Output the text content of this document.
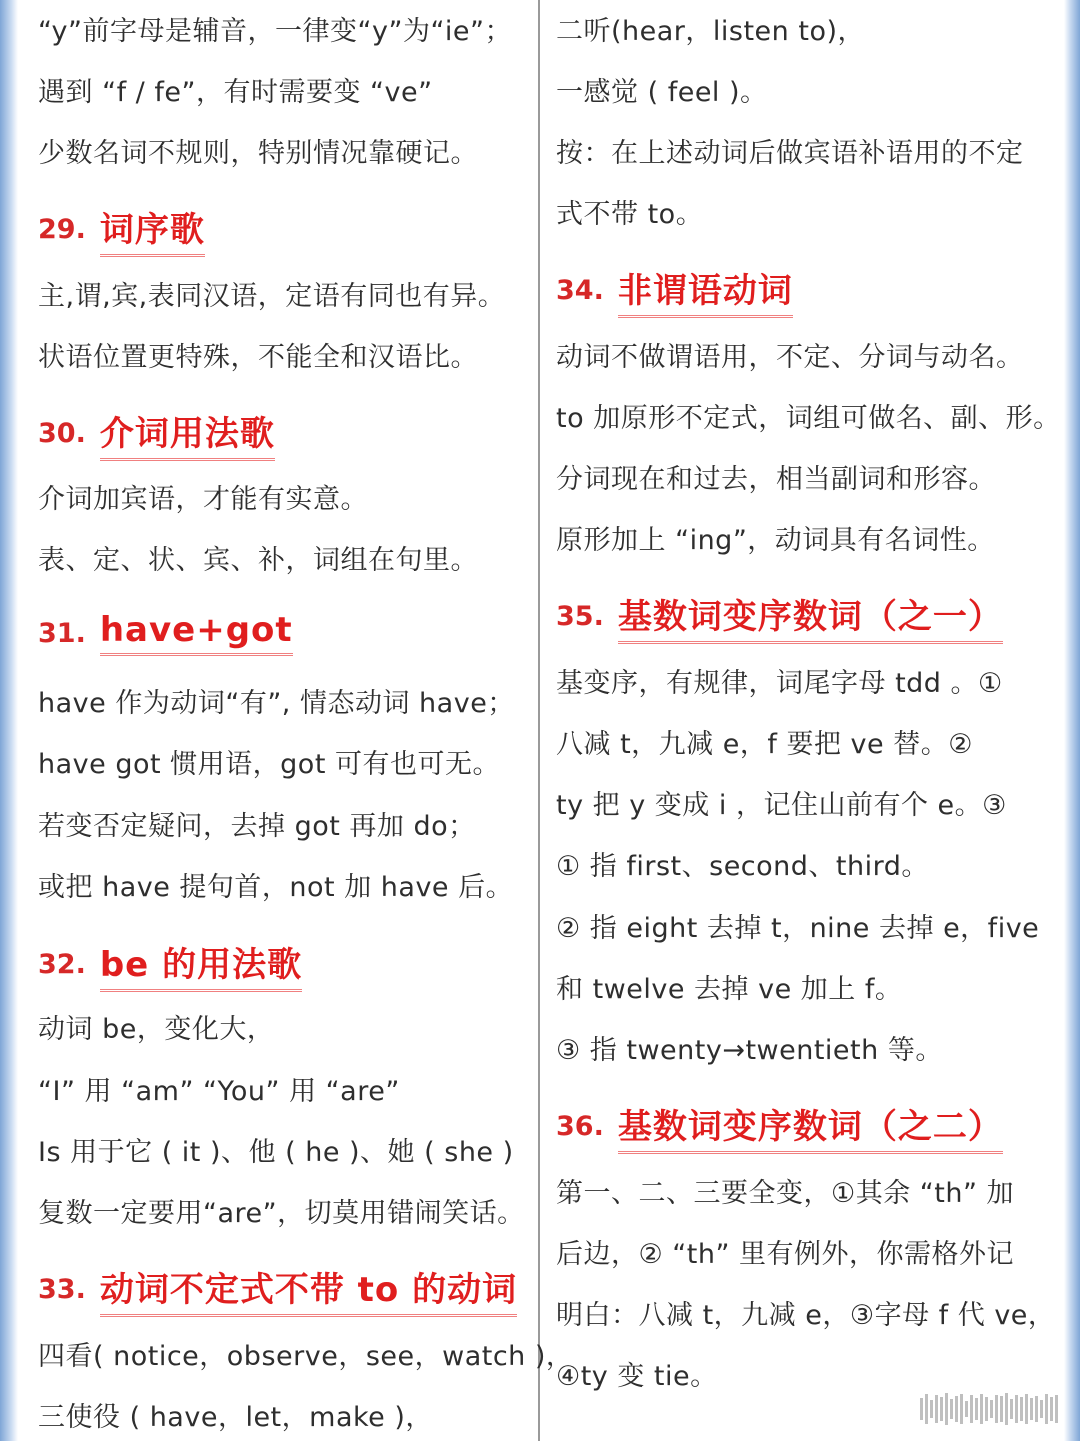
“y”前字母是辅音，一律变“y”为“ie”；
遇到 “f / fe”，有时需要变 “ve”
少数名词不规则，特别情况靠硬记。
29. 词序歌
主,谓,宾,表同汉语，定语有同也有异。
状语位置更特殊，不能全和汉语比。
30. 介词用法歌
介词加宾语，才能有实意。
表、定、状、宾、补，词组在句里。
31. have+got
have 作为动词“有”, 情态动词 have；
have got 惯用语，got 可有也可无。
若变否定疑问，去掉 got 再加 do；
或把 have 提句首，not 加 have 后。
32. be 的用法歌
动词 be，变化大，
“I” 用 “am” “You” 用 “are”
Is 用于它 ( it )、他 ( he )、她 ( she )
复数一定要用“are”，切莫用错闹笑话。
33. 动词不定式不带 to 的动词
四看( notice，observe，see，watch )，
三使役 ( have，let，make )，
二听(hear，listen to)，
一感觉 ( feel )。
按：在上述动词后做宾语补语用的不定
式不带 to。
34. 非谓语动词
动词不做谓语用，不定、分词与动名。
to 加原形不定式，词组可做名、副、形。
分词现在和过去，相当副词和形容。
原形加上 “ing”，动词具有名词性。
35. 基数词变序数词（之一）
基变序，有规律，词尾字母 tdd 。①
八减 t，九减 e，f 要把 ve 替。②
ty 把 y 变成 i ，记住山前有个 e。③
① 指 first、second、third。
② 指 eight 去掉 t，nine 去掉 e，five
和 twelve 去掉 ve 加上 f。
③ 指 twenty→twentieth 等。
36. 基数词变序数词（之二）
第一、二、三要全变，①其余 “th” 加
后边，② “th” 里有例外，你需格外记
明白：八减 t，九减 e，③字母 f 代 ve，
④ty 变 tie。
